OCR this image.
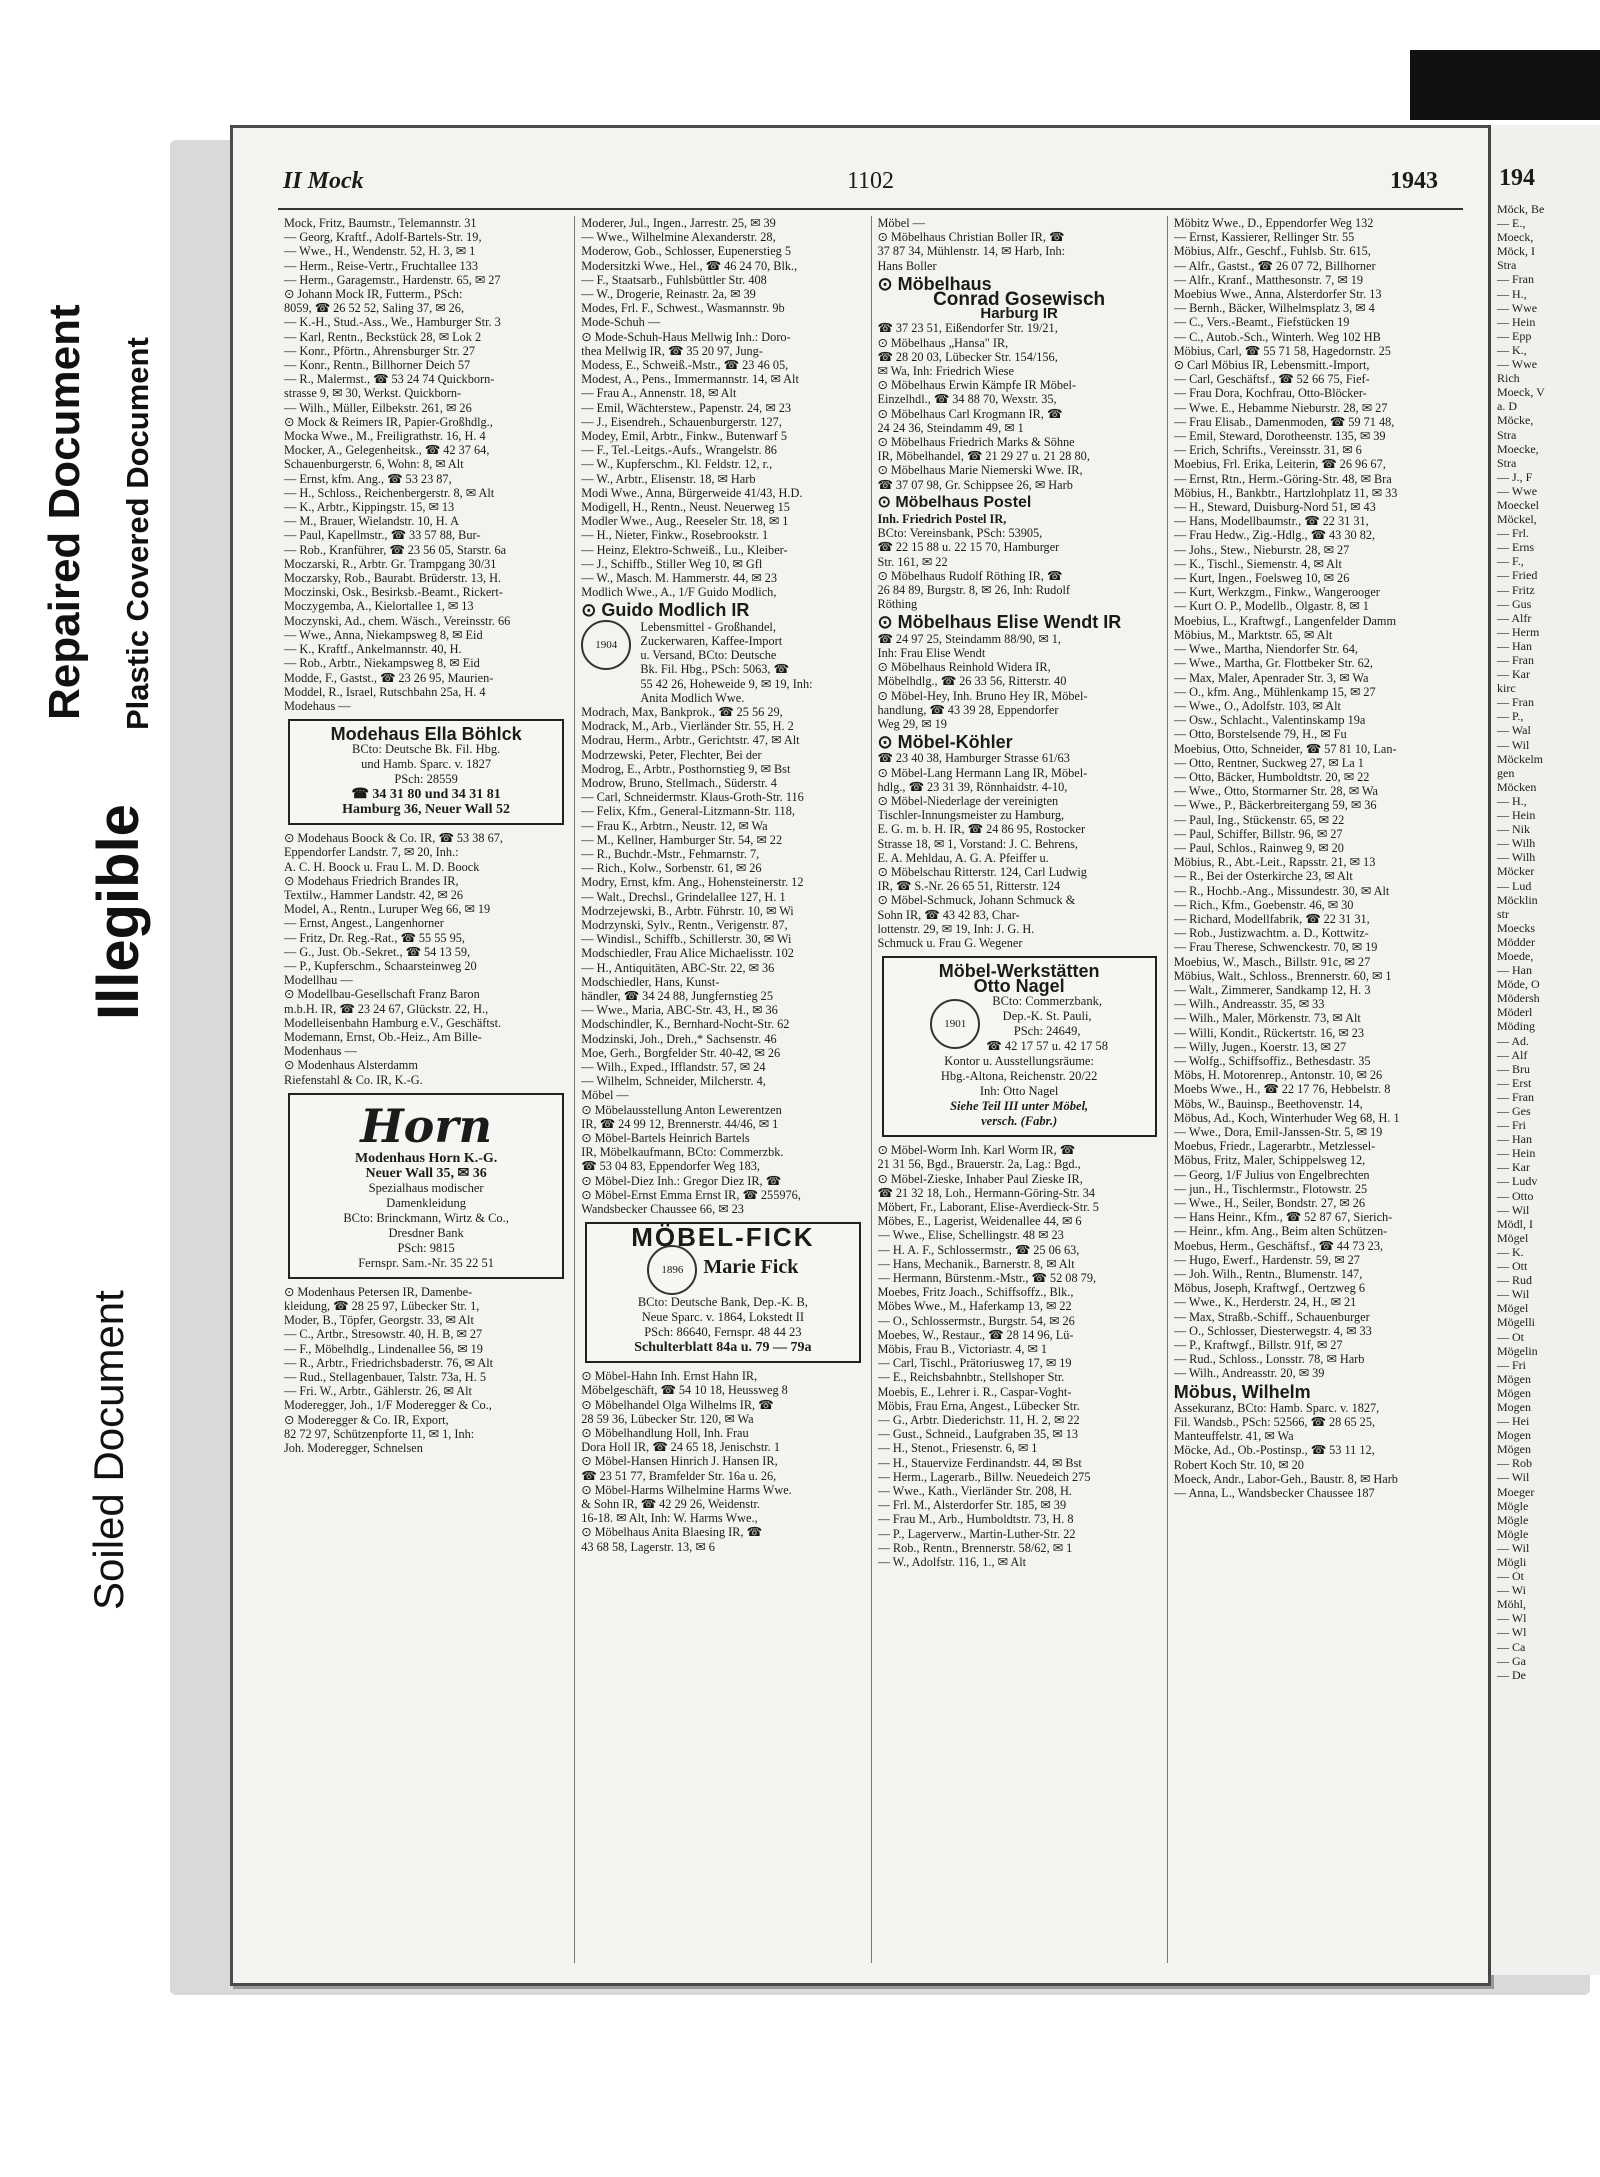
Repaired Document Plastic Covered Document
Illegible
Soiled Document
II Mock	1102	1943
Mock, Fritz, Baumstr., Telemannstr. 31
— Georg, Kraftf., Adolf-Bartels-Str. 19,
— Wwe., H., Wendenstr. 52, H. 3, ✉ 1
— Herm., Reise-Vertr., Fruchtallee 133
— Herm., Garagemstr., Hardenstr. 65, ✉ 27
⊙ Johann Mock IR, Futterm., PSch:
8059, ☎ 26 52 52, Saling 37, ✉ 26,
— K.-H., Stud.-Ass., We., Hamburger Str. 3
— Karl, Rentn., Beckstück 28, ✉ Lok 2
— Konr., Pförtn., Ahrensburger Str. 27
— Konr., Rentn., Billhorner Deich 57
— R., Malermst., ☎ 53 24 74 Quickborn-
strasse 9, ✉ 30, Werkst. Quickborn-
— Wilh., Müller, Eilbekstr. 261, ✉ 26
⊙ Mock & Reimers IR, Papier-Großhdlg.,
Mocka Wwe., M., Freiligrathstr. 16, H. 4
Mocker, A., Gelegenheitsk., ☎ 42 37 64,
Schauenburgerstr. 6, Wohn: 8, ✉ Alt
— Ernst, kfm. Ang., ☎ 53 23 87,
— H., Schloss., Reichenbergerstr. 8, ✉ Alt
— K., Arbtr., Kippingstr. 15, ✉ 13
— M., Brauer, Wielandstr. 10, H. A
— Paul, Kapellmstr., ☎ 33 57 88, Bur-
— Rob., Kranführer, ☎ 23 56 05, Starstr. 6a
Moczarski, R., Arbtr. Gr. Trampgang 30/31
Moczarsky, Rob., Baurabt. Brüderstr. 13, H.
Moczinski, Osk., Besirksb.-Beamt., Rickert-
Moczygemba, A., Kielortallee 1, ✉ 13
Moczynski, Ad., chem. Wäsch., Vereinsstr. 66
— Wwe., Anna, Niekampsweg 8, ✉ Eid
— K., Kraftf., Ankelmannstr. 40, H.
— Rob., Arbtr., Niekampsweg 8, ✉ Eid
Modde, F., Gastst., ☎ 23 26 95, Maurien-
Moddel, R., Israel, Rutschbahn 25a, H. 4
Modehaus —
Modehaus Ella Böhlck
BCto: Deutsche Bk. Fil. Hbg.
und Hamb. Sparc. v. 1827
PSch: 28559
☎ 34 31 80 und 34 31 81
Hamburg 36, Neuer Wall 52
⊙ Modehaus Boock & Co. IR, ☎ 53 38 67,
Eppendorfer Landstr. 7, ✉ 20, Inh.:
A. C. H. Boock u. Frau L. M. D. Boock
⊙ Modehaus Friedrich Brandes IR,
Textilw., Hammer Landstr. 42, ✉ 26
Model, A., Rentn., Luruper Weg 66, ✉ 19
— Ernst, Angest., Langenhorner
— Fritz, Dr. Reg.-Rat., ☎ 55 55 95,
— G., Just. Ob.-Sekret., ☎ 54 13 59,
— P., Kupferschm., Schaarsteinweg 20
Modellhau —
⊙ Modellbau-Gesellschaft Franz Baron
m.b.H. IR, ☎ 23 24 67, Glückstr. 22, H.,
Modelleisenbahn Hamburg e.V., Geschäftst.
Modemann, Ernst, Ob.-Heiz., Am Bille-
Modenhaus —
⊙ Modenhaus Alsterdamm
Riefenstahl & Co. IR, K.-G.
Horn
Modenhaus Horn K.-G.
Neuer Wall 35, ✉ 36
Spezialhaus modischer
Damenkleidung
BCto: Brinckmann, Wirtz & Co.,
Dresdner Bank
PSch: 9815
Fernspr. Sam.-Nr. 35 22 51
⊙ Modenhaus Petersen IR, Damenbe-
kleidung, ☎ 28 25 97, Lübecker Str. 1,
Moder, B., Töpfer, Georgstr. 33, ✉ Alt
— C., Artbr., Stresowstr. 40, H. B, ✉ 27
— F., Möbelhdlg., Lindenallee 56, ✉ 19
— R., Arbtr., Friedrichsbaderstr. 76, ✉ Alt
— Rud., Stellagenbauer, Talstr. 73a, H. 5
— Fri. W., Arbtr., Gählerstr. 26, ✉ Alt
Moderegger, Joh., 1/F Moderegger & Co.,
⊙ Moderegger & Co. IR, Export,
82 72 97, Schützenpforte 11, ✉ 1, Inh:
Joh. Moderegger, Schnelsen
Moderer, Jul., Ingen., Jarrestr. 25, ✉ 39
— Wwe., Wilhelmine Alexanderstr. 28,
Moderow, Gob., Schlosser, Eupenerstieg 5
Modersitzki Wwe., Hel., ☎ 46 24 70, Blk.,
— F., Staatsarb., Fuhlsbüttler Str. 408
— W., Drogerie, Reinastr. 2a, ✉ 39
Modes, Frl. F., Schwest., Wasmannstr. 9b
Mode-Schuh —
⊙ Mode-Schuh-Haus Mellwig Inh.: Doro-
thea Mellwig IR, ☎ 35 20 97, Jung-
Modess, E., Schweiß.-Mstr., ☎ 23 46 05,
Modest, A., Pens., Immermannstr. 14, ✉ Alt
— Frau A., Annenstr. 18, ✉ Alt
— Emil, Wächterstew., Papenstr. 24, ✉ 23
— J., Eisendreh., Schauenburgerstr. 127,
Modey, Emil, Arbtr., Finkw., Butenwarf 5
— F., Tel.-Leitgs.-Aufs., Wrangelstr. 86
— W., Kupferschm., Kl. Feldstr. 12, r.,
— W., Arbtr., Elisenstr. 18, ✉ Harb
Modi Wwe., Anna, Bürgerweide 41/43, H.D.
Modigell, H., Rentn., Neust. Neuerweg 15
Modler Wwe., Aug., Reeseler Str. 18, ✉ 1
— H., Nieter, Finkw., Rosebrookstr. 1
— Heinz, Elektro-Schweiß., Lu., Kleiber-
— J., Schiffb., Stiller Weg 10, ✉ Gfl
— W., Masch. M. Hammerstr. 44, ✉ 23
Modlich Wwe., A., 1/F Guido Modlich,
⊙ Guido Modlich IR
1904
Lebensmittel - Großhandel,
Zuckerwaren, Kaffee-Import
u. Versand, BCto: Deutsche
Bk. Fil. Hbg., PSch: 5063, ☎
55 42 26, Hoheweide 9, ✉ 19, Inh:
Anita Modlich Wwe.
Modrach, Max, Bankprok., ☎ 25 56 29,
Modrack, M., Arb., Vierländer Str. 55, H. 2
Modrau, Herm., Arbtr., Gerichtstr. 47, ✉ Alt
Modrzewski, Peter, Flechter, Bei der
Modrog, E., Arbtr., Posthornstieg 9, ✉ Bst
Modrow, Bruno, Stellmach., Süderstr. 4
— Carl, Schneidermstr. Klaus-Groth-Str. 116
— Felix, Kfm., General-Litzmann-Str. 118,
— Frau K., Arbtrn., Neustr. 12, ✉ Wa
— M., Kellner, Hamburger Str. 54, ✉ 22
— R., Buchdr.-Mstr., Fehmarnstr. 7,
— Rich., Kolw., Sorbenstr. 61, ✉ 26
Modry, Ernst, kfm. Ang., Hohensteinerstr. 12
— Walt., Drechsl., Grindelallee 127, H. 1
Modrzejewski, B., Arbtr. Führstr. 10, ✉ Wi
Modrzynski, Sylv., Rentn., Verigenstr. 87,
— Windisl., Schiffb., Schillerstr. 30, ✉ Wi
Modschiedler, Frau Alice Michaelisstr. 102
— H., Antiquitäten, ABC-Str. 22, ✉ 36
Modschiedler, Hans, Kunst-
händler, ☎ 34 24 88, Jungfernstieg 25
— Wwe., Maria, ABC-Str. 43, H., ✉ 36
Modschindler, K., Bernhard-Nocht-Str. 62
Modzinski, Joh., Dreh.,* Sachsenstr. 46
Moe, Gerh., Borgfelder Str. 40-42, ✉ 26
— Wilh., Exped., Ifflandstr. 57, ✉ 24
— Wilhelm, Schneider, Milcherstr. 4,
Möbel —
⊙ Möbelausstellung Anton Lewerentzen
IR, ☎ 24 99 12, Brennerstr. 44/46, ✉ 1
⊙ Möbel-Bartels Heinrich Bartels
IR, Möbelkaufmann, BCto: Commerzbk.
☎ 53 04 83, Eppendorfer Weg 183,
⊙ Möbel-Diez Inh.: Gregor Diez IR, ☎
⊙ Möbel-Ernst Emma Ernst IR, ☎ 255976,
Wandsbecker Chaussee 66, ✉ 23
MÖBEL-FICK
1896 Marie Fick
BCto: Deutsche Bank, Dep.-K. B,
Neue Sparc. v. 1864, Lokstedt II
PSch: 86640, Fernspr. 48 44 23
Schulterblatt 84a u. 79 — 79a
⊙ Möbel-Hahn Inh. Ernst Hahn IR,
Möbelgeschäft, ☎ 54 10 18, Heussweg 8
⊙ Möbelhandel Olga Wilhelms IR, ☎
28 59 36, Lübecker Str. 120, ✉ Wa
⊙ Möbelhandlung Holl, Inh. Frau
Dora Holl IR, ☎ 24 65 18, Jenischstr. 1
⊙ Möbel-Hansen Hinrich J. Hansen IR,
☎ 23 51 77, Bramfelder Str. 16a u. 26,
⊙ Möbel-Harms Wilhelmine Harms Wwe.
& Sohn IR, ☎ 42 29 26, Weidenstr.
16-18. ✉ Alt, Inh: W. Harms Wwe.,
⊙ Möbelhaus Anita Blaesing IR, ☎
43 68 58, Lagerstr. 13, ✉ 6
Möbel —
⊙ Möbelhaus Christian Boller IR, ☎
37 87 34, Mühlenstr. 14, ✉ Harb, Inh:
Hans Boller
⊙ Möbelhaus
Conrad Gosewisch
Harburg IR
☎ 37 23 51, Eißendorfer Str. 19/21,
⊙ Möbelhaus „Hansa" IR,
☎ 28 20 03, Lübecker Str. 154/156,
✉ Wa, Inh: Friedrich Wiese
⊙ Möbelhaus Erwin Kämpfe IR Möbel-
Einzelhdl., ☎ 34 88 70, Wexstr. 35,
⊙ Möbelhaus Carl Krogmann IR, ☎
24 24 36, Steindamm 49, ✉ 1
⊙ Möbelhaus Friedrich Marks & Söhne
IR, Möbelhandel, ☎ 21 29 27 u. 21 28 80,
⊙ Möbelhaus Marie Niemerski Wwe. IR,
☎ 37 07 98, Gr. Schippsee 26, ✉ Harb
⊙ Möbelhaus Postel
Inh. Friedrich Postel IR,
BCto: Vereinsbank, PSch: 53905,
☎ 22 15 88 u. 22 15 70, Hamburger
Str. 161, ✉ 22
⊙ Möbelhaus Rudolf Röthing IR, ☎
26 84 89, Burgstr. 8, ✉ 26, Inh: Rudolf
Röthing
⊙ Möbelhaus Elise Wendt IR
☎ 24 97 25, Steindamm 88/90, ✉ 1,
Inh: Frau Elise Wendt
⊙ Möbelhaus Reinhold Widera IR,
Möbelhdlg., ☎ 26 33 56, Ritterstr. 40
⊙ Möbel-Hey, Inh. Bruno Hey IR, Möbel-
handlung, ☎ 43 39 28, Eppendorfer
Weg 29, ✉ 19
⊙ Möbel-Köhler
☎ 23 40 38, Hamburger Strasse 61/63
⊙ Möbel-Lang Hermann Lang IR, Möbel-
hdlg., ☎ 23 31 39, Rönnhaidstr. 4-10,
⊙ Möbel-Niederlage der vereinigten
Tischler-Innungsmeister zu Hamburg,
E. G. m. b. H. IR, ☎ 24 86 95, Rostocker
Strasse 18, ✉ 1, Vorstand: J. C. Behrens,
E. A. Mehldau, A. G. A. Pfeiffer u.
⊙ Möbelschau Ritterstr. 124, Carl Ludwig
IR, ☎ S.-Nr. 26 65 51, Ritterstr. 124
⊙ Möbel-Schmuck, Johann Schmuck &
Sohn IR, ☎ 43 42 83, Char-
lottenstr. 29, ✉ 19, Inh: J. G. H.
Schmuck u. Frau G. Wegener
Möbel-Werkstätten
Otto Nagel
1901
BCto: Commerzbank,
Dep.-K. St. Pauli,
PSch: 24649,
☎ 42 17 57 u. 42 17 58
Kontor u. Ausstellungsräume:
Hbg.-Altona, Reichenstr. 20/22
Inh: Otto Nagel
Siehe Teil III unter Möbel,
versch. (Fabr.)
⊙ Möbel-Worm Inh. Karl Worm IR, ☎
21 31 56, Bgd., Brauerstr. 2a, Lag.: Bgd.,
⊙ Möbel-Zieske, Inhaber Paul Zieske IR,
☎ 21 32 18, Loh., Hermann-Göring-Str. 34
Möbert, Fr., Laborant, Elise-Averdieck-Str. 5
Möbes, E., Lagerist, Weidenallee 44, ✉ 6
— Wwe., Elise, Schellingstr. 48 ✉ 23
— H. A. F., Schlossermstr., ☎ 25 06 63,
— Hans, Mechanik., Barnerstr. 8, ✉ Alt
— Hermann, Bürstenm.-Mstr., ☎ 52 08 79,
Moebes, Fritz Joach., Schiffsoffz., Blk.,
Möbes Wwe., M., Haferkamp 13, ✉ 22
— O., Schlossermstr., Burgstr. 54, ✉ 26
Moebes, W., Restaur., ☎ 28 14 96, Lü-
Möbis, Frau B., Victoriastr. 4, ✉ 1
— Carl, Tischl., Prätoriusweg 17, ✉ 19
— E., Reichsbahnbtr., Stellshoper Str.
Moebis, E., Lehrer i. R., Caspar-Voght-
Möbis, Frau Erna, Angest., Lübecker Str.
— G., Arbtr. Diederichstr. 11, H. 2, ✉ 22
— Gust., Schneid., Laufgraben 35, ✉ 13
— H., Stenot., Friesenstr. 6, ✉ 1
— H., Stauervize Ferdinandstr. 44, ✉ Bst
— Herm., Lagerarb., Billw. Neuedeich 275
— Wwe., Kath., Vierländer Str. 208, H.
— Frl. M., Alsterdorfer Str. 185, ✉ 39
— Frau M., Arb., Humboldtstr. 73, H. 8
— P., Lagerverw., Martin-Luther-Str. 22
— Rob., Rentn., Brennerstr. 58/62, ✉ 1
— W., Adolfstr. 116, 1., ✉ Alt
Möbitz Wwe., D., Eppendorfer Weg 132
— Ernst, Kassierer, Rellinger Str. 55
Möbius, Alfr., Geschf., Fuhlsb. Str. 615,
— Alfr., Gastst., ☎ 26 07 72, Billhorner
— Alfr., Kranf., Matthesonstr. 7, ✉ 19
Moebius Wwe., Anna, Alsterdorfer Str. 13
— Bernh., Bäcker, Wilhelmsplatz 3, ✉ 4
— C., Vers.-Beamt., Fiefstücken 19
— C., Autob.-Sch., Winterh. Weg 102 HB
Möbius, Carl, ☎ 55 71 58, Hagedornstr. 25
⊙ Carl Möbius IR, Lebensmitt.-Import,
— Carl, Geschäftsf., ☎ 52 66 75, Fief-
— Frau Dora, Kochfrau, Otto-Blöcker-
— Wwe. E., Hebamme Nieburstr. 28, ✉ 27
— Frau Elisab., Damenmoden, ☎ 59 71 48,
— Emil, Steward, Dorotheenstr. 135, ✉ 39
— Erich, Schrifts., Vereinsstr. 31, ✉ 6
Moebius, Frl. Erika, Leiterin, ☎ 26 96 67,
— Ernst, Rtn., Herm.-Göring-Str. 48, ✉ Bra
Möbius, H., Bankbtr., Hartzlohplatz 11, ✉ 33
— H., Steward, Duisburg-Nord 51, ✉ 43
— Hans, Modellbaumstr., ☎ 22 31 31,
— Frau Hedw., Zig.-Hdlg., ☎ 43 30 82,
— Johs., Stew., Nieburstr. 28, ✉ 27
— K., Tischl., Siemenstr. 4, ✉ Alt
— Kurt, Ingen., Foelsweg 10, ✉ 26
— Kurt, Werkzgm., Finkw., Wangerooger
— Kurt O. P., Modellb., Olgastr. 8, ✉ 1
Moebius, L., Kraftwgf., Langenfelder Damm
Möbius, M., Marktstr. 65, ✉ Alt
— Wwe., Martha, Niendorfer Str. 64,
— Wwe., Martha, Gr. Flottbeker Str. 62,
— Max, Maler, Apenrader Str. 3, ✉ Wa
— O., kfm. Ang., Mühlenkamp 15, ✉ 27
— Wwe., O., Adolfstr. 103, ✉ Alt
— Osw., Schlacht., Valentinskamp 19a
— Otto, Borstelsende 79, H., ✉ Fu
Moebius, Otto, Schneider, ☎ 57 81 10, Lan-
— Otto, Rentner, Suckweg 27, ✉ La 1
— Otto, Bäcker, Humboldtstr. 20, ✉ 22
— Wwe., Otto, Stormarner Str. 28, ✉ Wa
— Wwe., P., Bäckerbreitergang 59, ✉ 36
— Paul, Ing., Stückenstr. 65, ✉ 22
— Paul, Schiffer, Billstr. 96, ✉ 27
— Paul, Schlos., Rainweg 9, ✉ 20
Möbius, R., Abt.-Leit., Rapsstr. 21, ✉ 13
— R., Bei der Osterkirche 23, ✉ Alt
— R., Hochb.-Ang., Missundestr. 30, ✉ Alt
— Rich., Kfm., Goebenstr. 46, ✉ 30
— Richard, Modellfabrik, ☎ 22 31 31,
— Rob., Justizwachtm. a. D., Kottwitz-
— Frau Therese, Schwenckestr. 70, ✉ 19
Moebius, W., Masch., Billstr. 91c, ✉ 27
Möbius, Walt., Schloss., Brennerstr. 60, ✉ 1
— Walt., Zimmerer, Sandkamp 12, H. 3
— Wilh., Andreasstr. 35, ✉ 33
— Wilh., Maler, Mörkenstr. 73, ✉ Alt
— Willi, Kondit., Rückertstr. 16, ✉ 23
— Willy, Jugen., Koerstr. 13, ✉ 27
— Wolfg., Schiffsoffiz., Bethesdastr. 35
Möbs, H. Motorenrep., Antonstr. 10, ✉ 26
Moebs Wwe., H., ☎ 22 17 76, Hebbelstr. 8
Möbs, W., Bauinsp., Beethovenstr. 14,
Möbus, Ad., Koch, Winterhuder Weg 68, H. 1
— Wwe., Dora, Emil-Janssen-Str. 5, ✉ 19
Moebus, Friedr., Lagerarbtr., Metzlessel-
Möbus, Fritz, Maler, Schippelsweg 12,
— Georg, 1/F Julius von Engelbrechten
— jun., H., Tischlermstr., Flotowstr. 25
— Wwe., H., Seiler, Bondstr. 27, ✉ 26
— Hans Heinr., Kfm., ☎ 52 87 67, Sierich-
— Heinr., kfm. Ang., Beim alten Schützen-
Moebus, Herm., Geschäftsf., ☎ 44 73 23,
— Hugo, Ewerf., Hardenstr. 59, ✉ 27
— Joh. Wilh., Rentn., Blumenstr. 147,
Möbus, Joseph, Kraftwgf., Oertzweg 6
— Wwe., K., Herderstr. 24, H., ✉ 21
— Max, Straßb.-Schiff., Schauenburger
— O., Schlosser, Diesterwegstr. 4, ✉ 33
— P., Kraftwgf., Billstr. 91f, ✉ 27
— Rud., Schloss., Lonsstr. 78, ✉ Harb
— Wilh., Andreasstr. 20, ✉ 39
Möbus, Wilhelm
Assekuranz, BCto: Hamb. Sparc. v. 1827,
Fil. Wandsb., PSch: 52566, ☎ 28 65 25,
Manteuffelstr. 41, ✉ Wa
Möcke, Ad., Ob.-Postinsp., ☎ 53 11 12,
Robert Koch Str. 10, ✉ 20
Moeck, Andr., Labor-Geh., Baustr. 8, ✉ Harb
— Anna, L., Wandsbecker Chaussee 187
194
Möck, Be
— E.,
Moeck,
Möck, I
Stra
— Fran
— H.,
— Wwe
— Hein
— Epp
— K.,
— Wwe
Rich
Moeck, V
a. D
Möcke,
Stra
Moecke,
Stra
— J., F
— Wwe
Moeckel
Möckel,
— Frl.
— Erns
— F.,
— Fried
— Fritz
— Gus
— Alfr
— Herm
— Han
— Fran
— Kar
kirc
— Fran
— P.,
— Wal
— Wil
Möckelm
gen
Möcken
— H.,
— Hein
— Nik
— Wilh
— Wilh
Möcker
— Lud
Möcklin
str
Moecks
Mödder
Moede,
— Han
Möde, O
Mödersh
Möderl
Möding
— Ad.
— Alf
— Bru
— Erst
— Fran
— Ges
— Fri
— Han
— Hein
— Kar
— Ludv
— Otto
— Wil
Mödl, I
Mögel
— K.
— Ott
— Rud
— Wil
Mögel
Mögelli
— Ot
Mögelin
— Fri
Mögen
Mögen
Mogen
— Hei
Mogen
Mögen
— Rob
— Wil
Moeger
Mögle
Mögle
Mögle
— Wil
Mögli
— Ot
— Wi
Möhl,
— Wl
— Wl
— Ca
— Ga
— De
